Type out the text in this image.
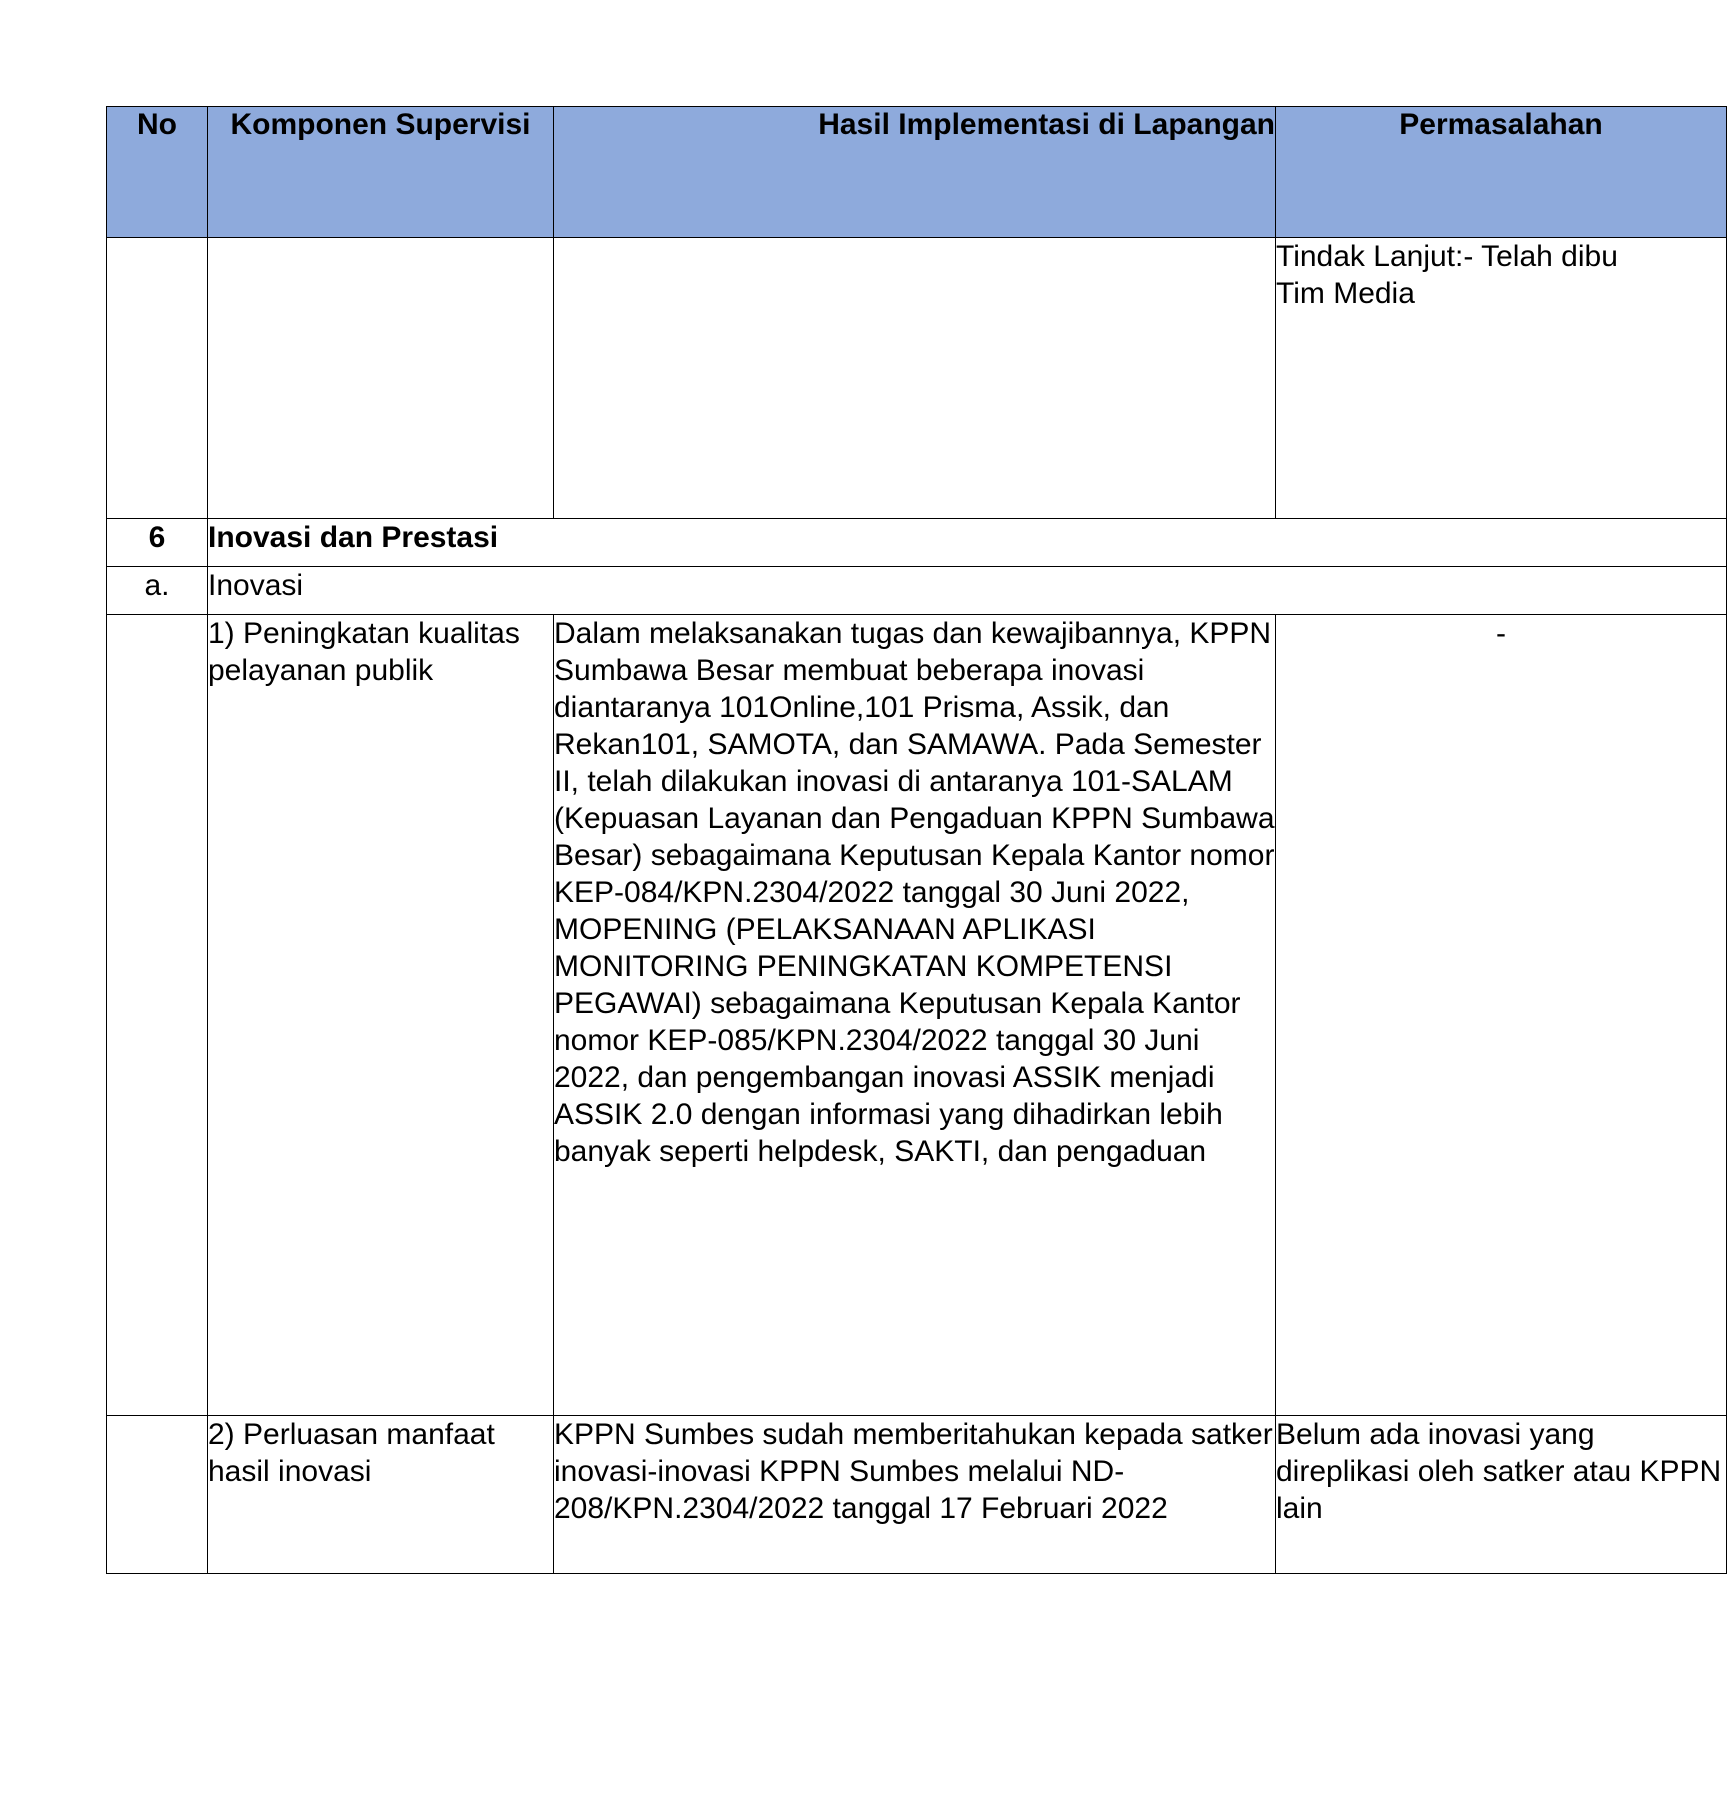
No	Komponen Supervisi	Hasil Implementasi di Lapangan	Permasalahan

			Tindak Lanjut:- Telah dibu
Tim Media

6	Inovasi dan Prestasi		
a.	Inovasi		
	1) Peningkatan kualitas pelayanan publik	Dalam melaksanakan tugas dan kewajibannya, KPPN Sumbawa Besar membuat beberapa inovasi diantaranya 101Online,101 Prisma, Assik, dan Rekan101, SAMOTA, dan SAMAWA. Pada Semester II, telah dilakukan inovasi di antaranya 101-SALAM (Kepuasan Layanan dan Pengaduan KPPN Sumbawa Besar) sebagaimana Keputusan Kepala Kantor nomor KEP-084/KPN.2304/2022 tanggal 30 Juni 2022, MOPENING (PELAKSANAAN APLIKASI MONITORING PENINGKATAN KOMPETENSI PEGAWAI) sebagaimana Keputusan Kepala Kantor nomor KEP-085/KPN.2304/2022 tanggal 30 Juni 2022, dan pengembangan inovasi ASSIK menjadi ASSIK 2.0 dengan informasi yang dihadirkan lebih banyak seperti helpdesk, SAKTI, dan pengaduan	-
	2) Perluasan manfaat hasil inovasi	KPPN Sumbes sudah memberitahukan kepada satker inovasi-inovasi KPPN Sumbes melalui ND-208/KPN.2304/2022 tanggal 17 Februari 2022	Belum ada inovasi yang direplikasi oleh satker atau KPPN lain
